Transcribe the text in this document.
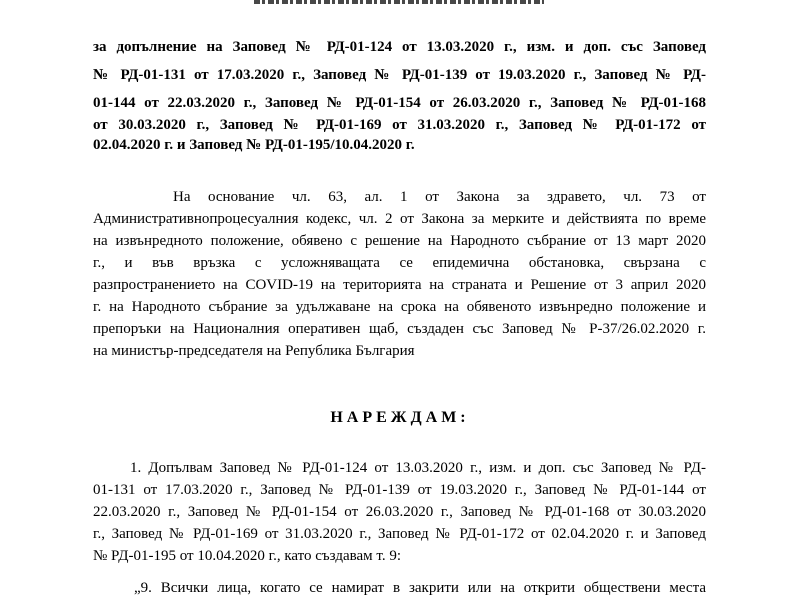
за допълнение на Заповед № РД-01-124 от 13.03.2020 г., изм. и доп. със Заповед
№ РД-01-131 от 17.03.2020 г., Заповед № РД-01-139 от 19.03.2020 г., Заповед № РД-
01-144 от 22.03.2020 г., Заповед № РД-01-154 от 26.03.2020 г., Заповед № РД-01-168
от 30.03.2020 г., Заповед № РД-01-169 от 31.03.2020 г., Заповед № РД-01-172 от
02.04.2020 г. и Заповед № РД-01-195/10.04.2020 г.
На основание чл. 63, ал. 1 от Закона за здравето, чл. 73 от
Административнопроцесуалния кодекс, чл. 2 от Закона за мерките и действията по време
на извънредното положение, обявено с решение на Народното събрание от 13 март 2020
г., и във връзка с усложняващата се епидемична обстановка, свързана с
разпространението на COVID-19 на територията на страната и Решение от 3 април 2020
г. на Народното събрание за удължаване на срока на обявеното извънредно положение и
препоръки на Националния оперативен щаб, създаден със Заповед № Р-37/26.02.2020 г.
на министър-председателя на Република България
НАРЕЖДАМ:
1. Допълвам Заповед № РД-01-124 от 13.03.2020 г., изм. и доп. със Заповед № РД-
01-131 от 17.03.2020 г., Заповед № РД-01-139 от 19.03.2020 г., Заповед № РД-01-144 от
22.03.2020 г., Заповед № РД-01-154 от 26.03.2020 г., Заповед № РД-01-168 от 30.03.2020
г., Заповед № РД-01-169 от 31.03.2020 г., Заповед № РД-01-172 от 02.04.2020 г. и Заповед
№ РД-01-195 от 10.04.2020 г., като създавам т. 9:
„9. Всички лица, когато се намират в закрити или на открити обществени места
